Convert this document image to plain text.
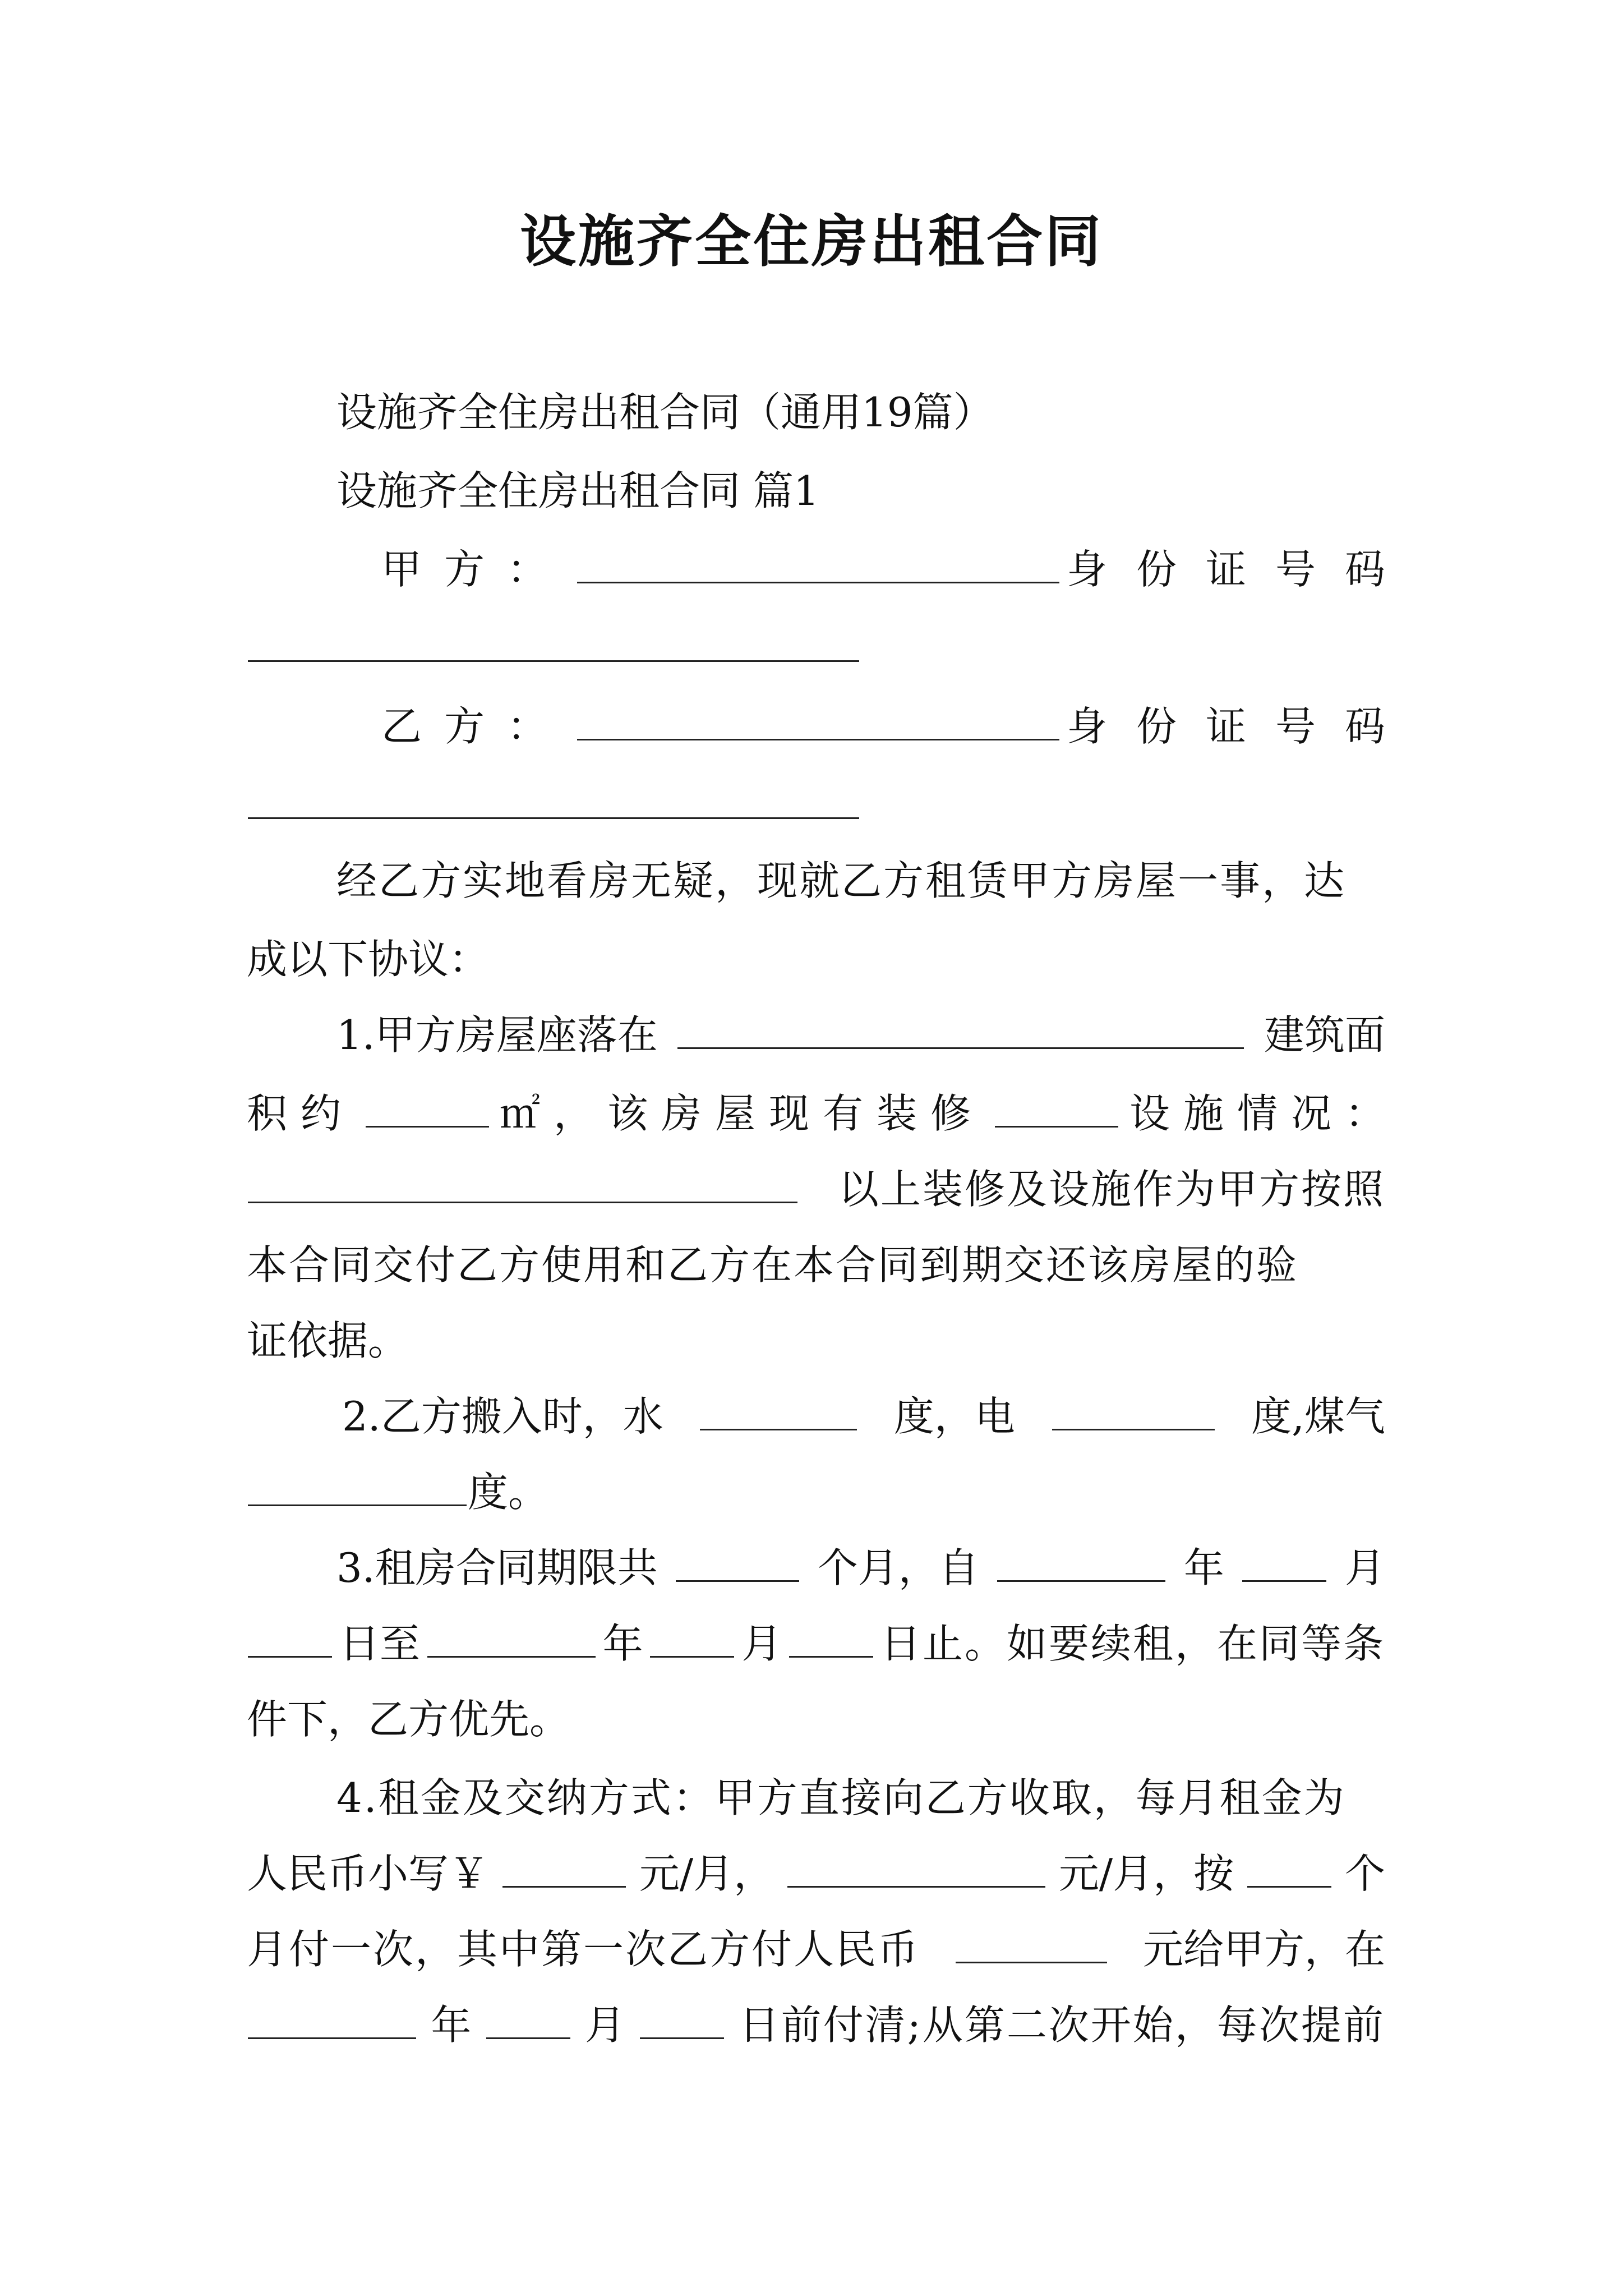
设施齐全住房出租合同
设施齐全住房出租合同（通用19篇）
设施齐全住房出租合同 篇1
甲方：	身份证号码
乙方：	身份证号码
经乙方实地看房无疑，现就乙方租赁甲方房屋一事，达
成以下协议：
1.甲方房屋座落在	建筑面
积约	㎡，该房屋现有装修	设施情况：
以上装修及设施作为甲方按照
本合同交付乙方使用和乙方在本合同到期交还该房屋的验
证依据。
2.乙方搬入时，水	度，电	度,煤气
度。
3.租房合同期限共	个月，自	年	月
日至	年 月 日止。如要续租，在同等条
件下，乙方优先。
4.租金及交纳方式：甲方直接向乙方收取，每月租金为
人民币小写￥	元/月，	元/月，按	个
月付一次，其中第一次乙方付人民币	元给甲方，在
年	月	日前付清;从第二次开始，每次提前
